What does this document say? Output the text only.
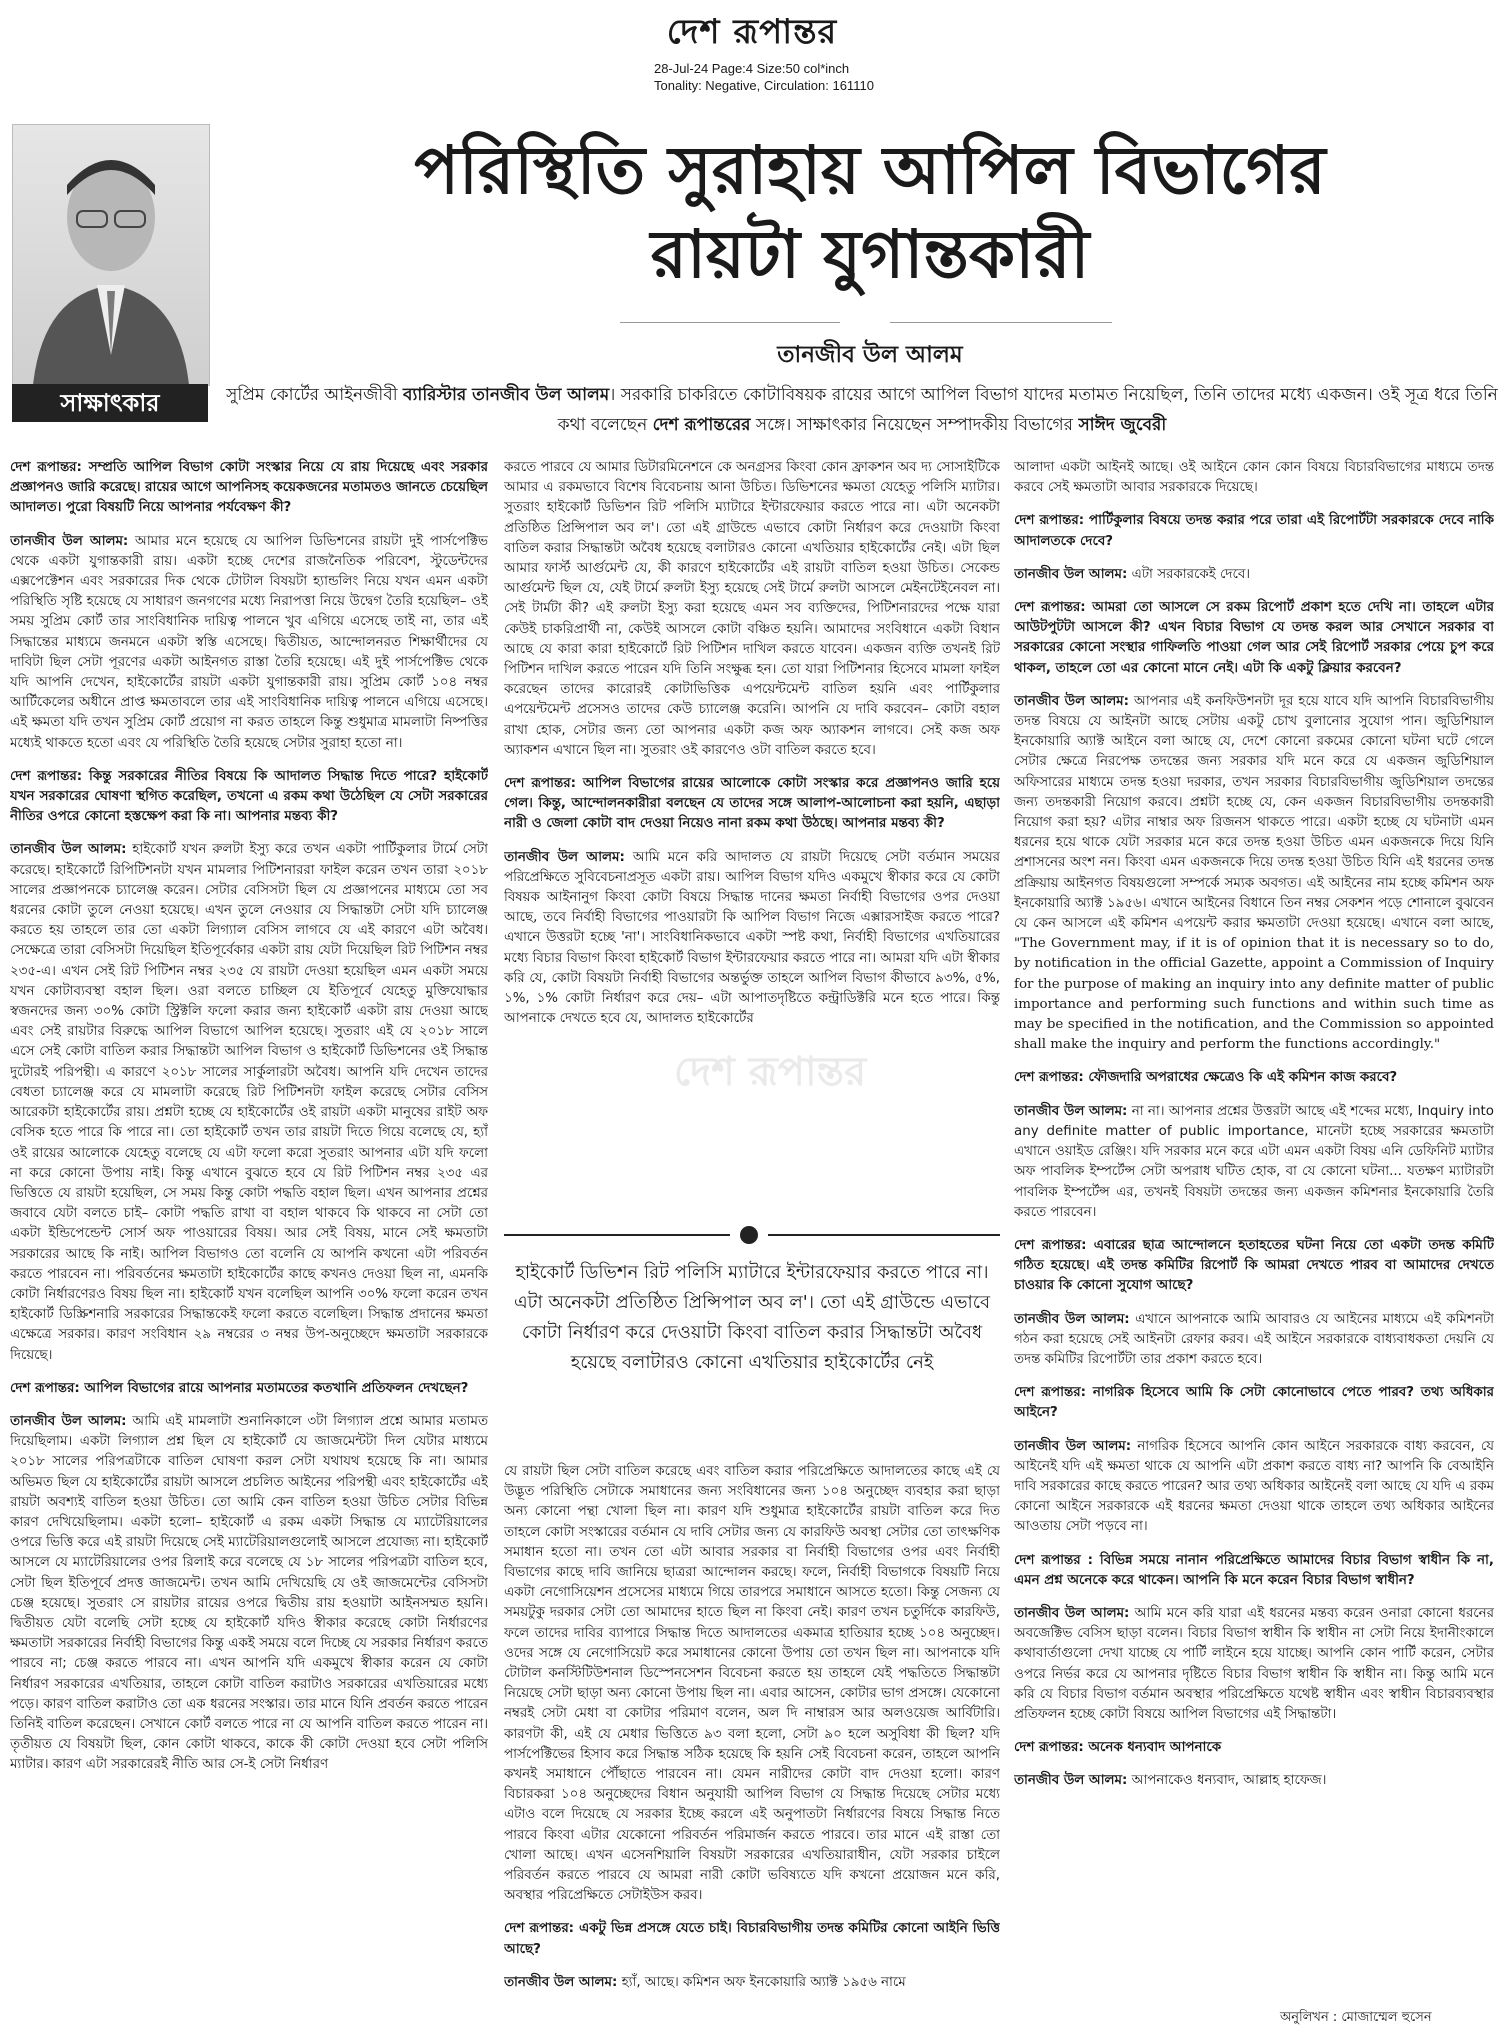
দেশ রূপান্তর
28-Jul-24 Page:4 Size:50 col*inch
Tonality: Negative, Circulation: 161110
সাক্ষাৎকার
পরিস্থিতি সুরাহায় আপিল বিভাগের
রায়টা যুগান্তকারী
তানজীব উল আলম
সুপ্রিম কোর্টের আইনজীবী ব্যারিস্টার তানজীব উল আলম। সরকারি চাকরিতে কোটাবিষয়ক রায়ের আগে আপিল বিভাগ যাদের মতামত নিয়েছিল, তিনি তাদের মধ্যে একজন। ওই সূত্র ধরে তিনি কথা বলেছেন দেশ রূপান্তরের সঙ্গে। সাক্ষাৎকার নিয়েছেন সম্পাদকীয় বিভাগের সাঈদ জুবেরী

দেশ রূপান্তর: সম্প্রতি আপিল বিভাগ কোটা সংস্কার নিয়ে যে রায় দিয়েছে এবং সরকার প্রজ্ঞাপনও জারি করেছে। রায়ের আগে আপনিসহ কয়েকজনের মতামতও জানতে চেয়েছিল আদালত। পুরো বিষয়টি নিয়ে আপনার পর্যবেক্ষণ কী?

তানজীব উল আলম: আমার মনে হয়েছে যে আপিল ডিভিশনের রায়টা দুই পার্সপেক্টিভ থেকে একটা যুগান্তকারী রায়। একটা হচ্ছে দেশের রাজনৈতিক পরিবেশ, স্টুডেন্টদের এক্সপেক্টেশন এবং সরকারের দিক থেকে টোটাল বিষয়টা হ্যান্ডলিং নিয়ে যখন এমন একটা পরিস্থিতি সৃষ্টি হয়েছে যে সাধারণ জনগণের মধ্যে নিরাপত্তা নিয়ে উদ্বেগ তৈরি হয়েছিল– ওই সময় সুপ্রিম কোর্ট তার সাংবিধানিক দায়িত্ব পালনে খুব এগিয়ে এসেছে তাই না, তার এই সিদ্ধান্তের মাধ্যমে জনমনে একটা স্বস্তি এসেছে। দ্বিতীয়ত, আন্দোলনরত শিক্ষার্থীদের যে দাবিটা ছিল সেটা পূরণের একটা আইনগত রাস্তা তৈরি হয়েছে। এই দুই পার্সপেক্টিভ থেকে যদি আপনি দেখেন, হাইকোর্টের রায়টা একটা যুগান্তকারী রায়। সুপ্রিম কোর্ট ১০৪ নম্বর আর্টিকেলের অধীনে প্রাপ্ত ক্ষমতাবলে তার এই সাংবিধানিক দায়িত্ব পালনে এগিয়ে এসেছে। এই ক্ষমতা যদি তখন সুপ্রিম কোর্ট প্রয়োগ না করত তাহলে কিন্তু শুধুমাত্র মামলাটা নিষ্পত্তির মধ্যেই থাকতে হতো এবং যে পরিস্থিতি তৈরি হয়েছে সেটার সুরাহা হতো না।

দেশ রূপান্তর: কিন্তু সরকারের নীতির বিষয়ে কি আদালত সিদ্ধান্ত দিতে পারে? হাইকোর্ট যখন সরকারের ঘোষণা স্থগিত করেছিল, তখনো এ রকম কথা উঠেছিল যে সেটা সরকারের নীতির ওপরে কোনো হস্তক্ষেপ করা কি না। আপনার মন্তব্য কী?

তানজীব উল আলম: হাইকোর্ট যখন রুলটা ইস্যু করে তখন একটা পার্টিকুলার টার্মে সেটা করেছে। হাইকোর্টে রিপিটিশনটা যখন মামলার পিটিশনাররা ফাইল করেন তখন তারা ২০১৮ সালের প্রজ্ঞাপনকে চ্যালেঞ্জ করেন। সেটার বেসিসটা ছিল যে প্রজ্ঞাপনের মাধ্যমে তো সব ধরনের কোটা তুলে নেওয়া হয়েছে। এখন তুলে নেওয়ার যে সিদ্ধান্তটা সেটা যদি চ্যালেঞ্জ করতে হয় তাহলে তার তো একটা লিগ্যাল বেসিস লাগবে যে এই কারণে এটা অবৈধ। সেক্ষেত্রে তারা বেসিসটা দিয়েছিল ইতিপূর্বেকার একটা রায় যেটা দিয়েছিল রিট পিটিশন নম্বর ২৩৫-এ। এখন সেই রিট পিটিশন নম্বর ২৩৫ যে রায়টা দেওয়া হয়েছিল এমন একটা সময়ে যখন কোটাব্যবস্থা বহাল ছিল। ওরা বলতে চাচ্ছিল যে ইতিপূর্বে যেহেতু মুক্তিযোদ্ধার স্বজনদের জন্য ৩০% কোটা স্ট্রিক্টলি ফলো করার জন্য হাইকোর্ট একটা রায় দেওয়া আছে এবং সেই রায়টার বিরুদ্ধে আপিল বিভাগে আপিল হয়েছে। সুতরাং এই যে ২০১৮ সালে এসে সেই কোটা বাতিল করার সিদ্ধান্তটা আপিল বিভাগ ও হাইকোর্ট ডিভিশনের ওই সিদ্ধান্ত দুটোরই পরিপন্থী। এ কারণে ২০১৮ সালের সার্কুলারটা অবৈধ। আপনি যদি দেখেন তাদের বেধতা চ্যালেঞ্জ করে যে মামলাটা করেছে রিট পিটিশনটা ফাইল করেছে সেটার বেসিস আরেকটা হাইকোর্টের রায়। প্রশ্নটা হচ্ছে যে হাইকোর্টের ওই রায়টা একটা মানুষের রাইট অফ বেসিক হতে পারে কি পারে না। তো হাইকোর্ট তখন তার রায়টা দিতে গিয়ে বলেছে যে, হ্যাঁ ওই রায়ের আলোকে যেহেতু বলেছে যে এটা ফলো করো সুতরাং আপনার এটা যদি ফলো না করে কোনো উপায় নাই। কিন্তু এখানে বুঝতে হবে যে রিট পিটিশন নম্বর ২৩৫ এর ভিত্তিতে যে রায়টা হয়েছিল, সে সময় কিন্তু কোটা পদ্ধতি বহাল ছিল। এখন আপনার প্রশ্নের জবাবে যেটা বলতে চাই– কোটা পদ্ধতি রাখা বা বহাল থাকবে কি থাকবে না সেটা তো একটা ইন্ডিপেন্ডেন্ট সোর্স অফ পাওয়ারের বিষয়। আর সেই বিষয়, মানে সেই ক্ষমতাটা সরকারের আছে কি নাই। আপিল বিভাগও তো বলেনি যে আপনি কখনো এটা পরিবর্তন করতে পারবেন না। পরিবর্তনের ক্ষমতাটা হাইকোর্টের কাছে কখনও দেওয়া ছিল না, এমনকি কোটা নির্ধারণেরও বিষয় ছিল না। হাইকোর্ট যখন বলেছিল আপনি ৩০% ফলো করেন তখন হাইকোর্ট ডিস্ক্রিশনারি সরকারের সিদ্ধান্তকেই ফলো করতে বলেছিল। সিদ্ধান্ত প্রদানের ক্ষমতা এক্ষেত্রে সরকার। কারণ সংবিধান ২৯ নম্বরের ৩ নম্বর উপ-অনুচ্ছেদে ক্ষমতাটা সরকারকে দিয়েছে।

দেশ রূপান্তর: আপিল বিভাগের রায়ে আপনার মতামতের কতখানি প্রতিফলন দেখছেন?

তানজীব উল আলম: আমি এই মামলাটা শুনানিকালে ৩টা লিগ্যাল প্রশ্নে আমার মতামত দিয়েছিলাম। একটা লিগ্যাল প্রশ্ন ছিল যে হাইকোর্ট যে জাজমেন্টটা দিল যেটার মাধ্যমে ২০১৮ সালের পরিপত্রটাকে বাতিল ঘোষণা করল সেটা যথাযথ হয়েছে কি না। আমার অভিমত ছিল যে হাইকোর্টের রায়টা আসলে প্রচলিত আইনের পরিপন্থী এবং হাইকোর্টের এই রায়টা অবশ্যই বাতিল হওয়া উচিত। তো আমি কেন বাতিল হওয়া উচিত সেটার বিভিন্ন কারণ দেখিয়েছিলাম। একটা হলো– হাইকোর্ট এ রকম একটা সিদ্ধান্ত যে ম্যাটেরিয়ালের ওপরে ভিত্তি করে এই রায়টা দিয়েছে সেই ম্যাটেরিয়ালগুলোই আসলে প্রযোজ্য না। হাইকোর্ট আসলে যে ম্যাটেরিয়ালের ওপর রিলাই করে বলেছে যে ১৮ সালের পরিপত্রটা বাতিল হবে, সেটা ছিল ইতিপূর্বে প্রদত্ত জাজমেন্ট। তখন আমি দেখিয়েছি যে ওই জাজমেন্টের বেসিসটা চেঞ্জ হয়েছে। সুতরাং সে রায়টার রায়ের ওপরে দ্বিতীয় রায় হওয়াটা আইনসম্মত হয়নি। দ্বিতীয়ত যেটা বলেছি সেটা হচ্ছে যে হাইকোর্ট যদিও স্বীকার করেছে কোটা নির্ধারণের ক্ষমতাটা সরকারের নির্বাহী বিভাগের কিন্তু একই সময়ে বলে দিচ্ছে যে সরকার নির্ধারণ করতে পারবে না; চেঞ্জ করতে পারবে না। এখন আপনি যদি একমুখে স্বীকার করেন যে কোটা নির্ধারণ সরকারের এখতিয়ার, তাহলে কোটা বাতিল করাটাও সরকারের এখতিয়ারের মধ্যে পড়ে। কারণ বাতিল করাটাও তো এক ধরনের সংস্কার। তার মানে যিনি প্রবর্তন করতে পারেন তিনিই বাতিল করেছেন। সেখানে কোর্ট বলতে পারে না যে আপনি বাতিল করতে পারেন না। তৃতীয়ত যে বিষয়টা ছিল, কোন কোটা থাকবে, কাকে কী কোটা দেওয়া হবে সেটা পলিসি ম্যাটার। কারণ এটা সরকারেরই নীতি আর সে-ই সেটা নির্ধারণ

করতে পারবে যে আমার ডিটারমিনেশনে কে অনগ্রসর কিংবা কোন ফ্রাকশন অব দ্য সোসাইটিকে আমার এ রকমভাবে বিশেষ বিবেচনায় আনা উচিত। ডিভিশনের ক্ষমতা যেহেতু পলিসি ম্যাটার। সুতরাং হাইকোর্ট ডিভিশন রিট পলিসি ম্যাটারে ইন্টারফেয়ার করতে পারে না। এটা অনেকটা প্রতিষ্ঠিত প্রিন্সিপাল অব ল'। তো এই গ্রাউন্ডে এভাবে কোটা নির্ধারণ করে দেওয়াটা কিংবা বাতিল করার সিদ্ধান্তটা অবৈধ হয়েছে বলাটারও কোনো এখতিয়ার হাইকোর্টের নেই। এটা ছিল আমার ফার্স্ট আর্গুমেন্ট যে, কী কারণে হাইকোর্টের এই রায়টা বাতিল হওয়া উচিত। সেকেন্ড আর্গুমেন্ট ছিল যে, যেই টার্মে রুলটা ইস্যু হয়েছে সেই টার্মে রুলটা আসলে মেইনটেইনেবল না। সেই টার্মটা কী? এই রুলটা ইস্যু করা হয়েছে এমন সব ব্যক্তিদের, পিটিশনারদের পক্ষে যারা কেউই চাকরিপ্রার্থী না, কেউই আসলে কোটা বঞ্চিত হয়নি। আমাদের সংবিধানে একটা বিধান আছে যে কারা কারা হাইকোর্টে রিট পিটিশন দাখিল করতে যাবেন। একজন ব্যক্তি তখনই রিট পিটিশন দাখিল করতে পারেন যদি তিনি সংক্ষুব্ধ হন। তো যারা পিটিশনার হিসেবে মামলা ফাইল করেছেন তাদের কারোরই কোটাভিত্তিক এপয়েন্টমেন্ট বাতিল হয়নি এবং পার্টিকুলার এপয়েন্টমেন্ট প্রসেসও তাদের কেউ চ্যালেঞ্জ করেনি। আপনি যে দাবি করবেন– কোটা বহাল রাখা হোক, সেটার জন্য তো আপনার একটা কজ অফ অ্যাকশন লাগবে। সেই কজ অফ অ্যাকশন এখানে ছিল না। সুতরাং ওই কারণেও ওটা বাতিল করতে হবে।

দেশ রূপান্তর: আপিল বিভাগের রায়ের আলোকে কোটা সংস্কার করে প্রজ্ঞাপনও জারি হয়ে গেল। কিন্তু, আন্দোলনকারীরা বলছেন যে তাদের সঙ্গে আলাপ-আলোচনা করা হয়নি, এছাড়া নারী ও জেলা কোটা বাদ দেওয়া নিয়েও নানা রকম কথা উঠছে। আপনার মন্তব্য কী?

তানজীব উল আলম: আমি মনে করি আদালত যে রায়টা দিয়েছে সেটা বর্তমান সময়ের পরিপ্রেক্ষিতে সুবিবেচনাপ্রসূত একটা রায়। আপিল বিভাগ যদিও একমুখে স্বীকার করে যে কোটা বিষয়ক আইনানুগ কিংবা কোটা বিষয়ে সিদ্ধান্ত দানের ক্ষমতা নির্বাহী বিভাগের ওপর দেওয়া আছে, তবে নির্বাহী বিভাগের পাওয়ারটা কি আপিল বিভাগ নিজে এক্সারসাইজ করতে পারে? এখানে উত্তরটা হচ্ছে 'না'। সাংবিধানিকভাবে একটা স্পষ্ট কথা, নির্বাহী বিভাগের এখতিয়ারের মধ্যে বিচার বিভাগ কিংবা হাইকোর্ট বিভাগ ইন্টারফেয়ার করতে পারে না। আমরা যদি এটা স্বীকার করি যে, কোটা বিষয়টা নির্বাহী বিভাগের অন্তর্ভুক্ত তাহলে আপিল বিভাগ কীভাবে ৯৩%, ৫%, ১%, ১% কোটা নির্ধারণ করে দেয়– এটা আপাতদৃষ্টিতে কন্ট্রাডিক্টরি মনে হতে পারে। কিন্তু আপনাকে দেখতে হবে যে, আদালত হাইকোর্টের

হাইকোর্ট ডিভিশন রিট পলিসি ম্যাটারে ইন্টারফেয়ার করতে পারে না। এটা অনেকটা প্রতিষ্ঠিত প্রিন্সিপাল অব ল'। তো এই গ্রাউন্ডে এভাবে কোটা নির্ধারণ করে দেওয়াটা কিংবা বাতিল করার সিদ্ধান্তটা অবৈধ হয়েছে বলাটারও কোনো এখতিয়ার হাইকোর্টের নেই

যে রায়টা ছিল সেটা বাতিল করেছে এবং বাতিল করার পরিপ্রেক্ষিতে আদালতের কাছে এই যে উদ্ভূত পরিস্থিতি সেটাকে সমাধানের জন্য সংবিধানের জন্য ১০৪ অনুচ্ছেদ ব্যবহার করা ছাড়া অন্য কোনো পন্থা খোলা ছিল না। কারণ যদি শুধুমাত্র হাইকোর্টের রায়টা বাতিল করে দিত তাহলে কোটা সংস্কারের বর্তমান যে দাবি সেটার জন্য যে কারফিউ অবস্থা সেটার তো তাৎক্ষণিক সমাধান হতো না। তখন তো এটা আবার সরকার বা নির্বাহী বিভাগের ওপর এবং নির্বাহী বিভাগের কাছে দাবি জানিয়ে ছাত্ররা আন্দোলন করছে। ফলে, নির্বাহী বিভাগকে বিষয়টি নিয়ে একটা নেগোসিয়েশন প্রসেসের মাধ্যমে গিয়ে তারপরে সমাধানে আসতে হতো। কিন্তু সেজন্য যে সময়টুকু দরকার সেটা তো আমাদের হাতে ছিল না কিংবা নেই। কারণ তখন চতুর্দিকে কারফিউ, ফলে তাদের দাবির ব্যাপারে সিদ্ধান্ত দিতে আদালতের একমাত্র হাতিয়ার হচ্ছে ১০৪ অনুচ্ছেদ। ওদের সঙ্গে যে নেগোসিয়েট করে সমাধানের কোনো উপায় তো তখন ছিল না। আপনাকে যদি টোটাল কনস্টিটিউশনাল ডিস্পেনসেশন বিবেচনা করতে হয় তাহলে যেই পদ্ধতিতে সিদ্ধান্তটা নিয়েছে সেটা ছাড়া অন্য কোনো উপায় ছিল না। এবার আসেন, কোটার ভাগ প্রসঙ্গে। যেকোনো নম্বরই সেটা মেধা বা কোটার পরিমাণ বলেন, অল দি নাম্বারস আর অলওয়েজ আর্বিটারি। কারণটা কী, এই যে মেধার ভিত্তিতে ৯৩ বলা হলো, সেটা ৯০ হলে অসুবিধা কী ছিল? যদি পার্সপেক্টিভের হিসাব করে সিদ্ধান্ত সঠিক হয়েছে কি হয়নি সেই বিবেচনা করেন, তাহলে আপনি কখনই সমাধানে পৌঁছাতে পারবেন না। যেমন নারীদের কোটা বাদ দেওয়া হলো। কারণ বিচারকরা ১০৪ অনুচ্ছেদের বিধান অনুযায়ী আপিল বিভাগ যে সিদ্ধান্ত দিয়েছে সেটার মধ্যে এটাও বলে দিয়েছে যে সরকার ইচ্ছে করলে এই অনুপাতটা নির্ধারণের বিষয়ে সিদ্ধান্ত নিতে পারবে কিংবা এটার যেকোনো পরিবর্তন পরিমার্জন করতে পারবে। তার মানে এই রাস্তা তো খোলা আছে। এখন এসেনশিয়ালি বিষয়টা সরকারের এখতিয়ারাধীন, যেটা সরকার চাইলে পরিবর্তন করতে পারবে যে আমরা নারী কোটা ভবিষ্যতে যদি কখনো প্রয়োজন মনে করি, অবস্থার পরিপ্রেক্ষিতে সেটাইউস করব।

দেশ রূপান্তর: একটু ভিন্ন প্রসঙ্গে যেতে চাই। বিচারবিভাগীয় তদন্ত কমিটির কোনো আইনি ভিত্তি আছে?

তানজীব উল আলম: হ্যাঁ, আছে। কমিশন অফ ইনকোয়ারি অ্যাক্ট ১৯৫৬ নামে

আলাদা একটা আইনই আছে। ওই আইনে কোন কোন বিষয়ে বিচারবিভাগের মাধ্যমে তদন্ত করবে সেই ক্ষমতাটা আবার সরকারকে দিয়েছে।

দেশ রূপান্তর: পার্টিকুলার বিষয়ে তদন্ত করার পরে তারা এই রিপোর্টটা সরকারকে দেবে নাকি আদালতকে দেবে?

তানজীব উল আলম: এটা সরকারকেই দেবে।

দেশ রূপান্তর: আমরা তো আসলে সে রকম রিপোর্ট প্রকাশ হতে দেখি না। তাহলে এটার আউটপুটটা আসলে কী? এখন বিচার বিভাগ যে তদন্ত করল আর সেখানে সরকার বা সরকারের কোনো সংস্থার গাফিলতি পাওয়া গেল আর সেই রিপোর্ট সরকার পেয়ে চুপ করে থাকল, তাহলে তো এর কোনো মানে নেই। এটা কি একটু ক্লিয়ার করবেন?

তানজীব উল আলম: আপনার এই কনফিউশনটা দূর হয়ে যাবে যদি আপনি বিচারবিভাগীয় তদন্ত বিষয়ে যে আইনটা আছে সেটায় একটু চোখ বুলানোর সুযোগ পান। জুডিশিয়াল ইনকোয়ারি অ্যাক্ট আইনে বলা আছে যে, দেশে কোনো রকমের কোনো ঘটনা ঘটে গেলে সেটার ক্ষেত্রে নিরপেক্ষ তদন্তের জন্য সরকার যদি মনে করে যে একজন জুডিশিয়াল অফিসারের মাধ্যমে তদন্ত হওয়া দরকার, তখন সরকার বিচারবিভাগীয় জুডিশিয়াল তদন্তের জন্য তদন্তকারী নিয়োগ করবে। প্রশ্নটা হচ্ছে যে, কেন একজন বিচারবিভাগীয় তদন্তকারী নিয়োগ করা হয়? এটার নাম্বার অফ রিজনস থাকতে পারে। একটা হচ্ছে যে ঘটনাটা এমন ধরনের হয়ে থাকে যেটা সরকার মনে করে তদন্ত হওয়া উচিত এমন একজনকে দিয়ে যিনি প্রশাসনের অংশ নন। কিংবা এমন একজনকে দিয়ে তদন্ত হওয়া উচিত যিনি এই ধরনের তদন্ত প্রক্রিয়ায় আইনগত বিষয়গুলো সম্পর্কে সম্যক অবগত। এই আইনের নাম হচ্ছে কমিশন অফ ইনকোয়ারি অ্যাক্ট ১৯৫৬। এখানে আইনের বিধানে তিন নম্বর সেকশন পড়ে শোনালে বুঝবেন যে কেন আসলে এই কমিশন এপয়েন্ট করার ক্ষমতাটা দেওয়া হয়েছে। এখানে বলা আছে, "The Government may, if it is of opinion that it is necessary so to do, by notification in the official Gazette, appoint a Commission of Inquiry for the purpose of making an inquiry into any definite matter of public importance and performing such functions and within such time as may be specified in the notification, and the Commission so appointed shall make the inquiry and perform the functions accordingly."

দেশ রূপান্তর: ফৌজদারি অপরাধের ক্ষেত্রেও কি এই কমিশন কাজ করবে?

তানজীব উল আলম: না না। আপনার প্রশ্নের উত্তরটা আছে এই শব্দের মধ্যে, Inquiry into any definite matter of public importance, মানেটা হচ্ছে সরকারের ক্ষমতাটা এখানে ওয়াইড রেঞ্জিং। যদি সরকার মনে করে এটা এমন একটা বিষয় এনি ডেফিনিট ম্যাটার অফ পাবলিক ইম্পর্টেন্স সেটা অপরাধ ঘটিত হোক, বা যে কোনো ঘটনা... যতক্ষণ ম্যাটারটা পাবলিক ইম্পর্টেন্স এর, তখনই বিষয়টা তদন্তের জন্য একজন কমিশনার ইনকোয়ারি তৈরি করতে পারবেন।

দেশ রূপান্তর: এবারের ছাত্র আন্দোলনে হতাহতের ঘটনা নিয়ে তো একটা তদন্ত কমিটি গঠিত হয়েছে। এই তদন্ত কমিটির রিপোর্ট কি আমরা দেখতে পারব বা আমাদের দেখতে চাওয়ার কি কোনো সুযোগ আছে?

তানজীব উল আলম: এখানে আপনাকে আমি আবারও যে আইনের মাধ্যমে এই কমিশনটা গঠন করা হয়েছে সেই আইনটা রেফার করব। এই আইনে সরকারকে বাধ্যবাধকতা দেয়নি যে তদন্ত কমিটির রিপোর্টটা তার প্রকাশ করতে হবে।

দেশ রূপান্তর: নাগরিক হিসেবে আমি কি সেটা কোনোভাবে পেতে পারব? তথ্য অধিকার আইনে?

তানজীব উল আলম: নাগরিক হিসেবে আপনি কোন আইনে সরকারকে বাধ্য করবেন, যে আইনেই যদি এই ক্ষমতা থাকে যে আপনি এটা প্রকাশ করতে বাধ্য না? আপনি কি বেআইনি দাবি সরকারের কাছে করতে পারেন? আর তথ্য অধিকার আইনেই বলা আছে যে যদি এ রকম কোনো আইনে সরকারকে এই ধরনের ক্ষমতা দেওয়া থাকে তাহলে তথ্য অধিকার আইনের আওতায় সেটা পড়বে না।

দেশ রূপান্তর : বিভিন্ন সময়ে নানান পরিপ্রেক্ষিতে আমাদের বিচার বিভাগ স্বাধীন কি না, এমন প্রশ্ন অনেকে করে থাকেন। আপনি কি মনে করেন বিচার বিভাগ স্বাধীন?

তানজীব উল আলম: আমি মনে করি যারা এই ধরনের মন্তব্য করেন ওনারা কোনো ধরনের অবজেক্টিভ বেসিস ছাড়া বলেন। বিচার বিভাগ স্বাধীন কি স্বাধীন না সেটা নিয়ে ইদানীংকালে কথাবার্তাগুলো দেখা যাচ্ছে যে পার্টি লাইনে হয়ে যাচ্ছে। আপনি কোন পার্টি করেন, সেটার ওপরে নির্ভর করে যে আপনার দৃষ্টিতে বিচার বিভাগ স্বাধীন কি স্বাধীন না। কিন্তু আমি মনে করি যে বিচার বিভাগ বর্তমান অবস্থার পরিপ্রেক্ষিতে যথেষ্ট স্বাধীন এবং স্বাধীন বিচারব্যবস্থার প্রতিফলন হচ্ছে কোটা বিষয়ে আপিল বিভাগের এই সিদ্ধান্তটা।

দেশ রূপান্তর: অনেক ধন্যবাদ আপনাকে

তানজীব উল আলম: আপনাকেও ধন্যবাদ, আল্লাহ হাফেজ।

দেশ রূপান্তর
অনুলিখন : মোজাম্মেল হুসেন
